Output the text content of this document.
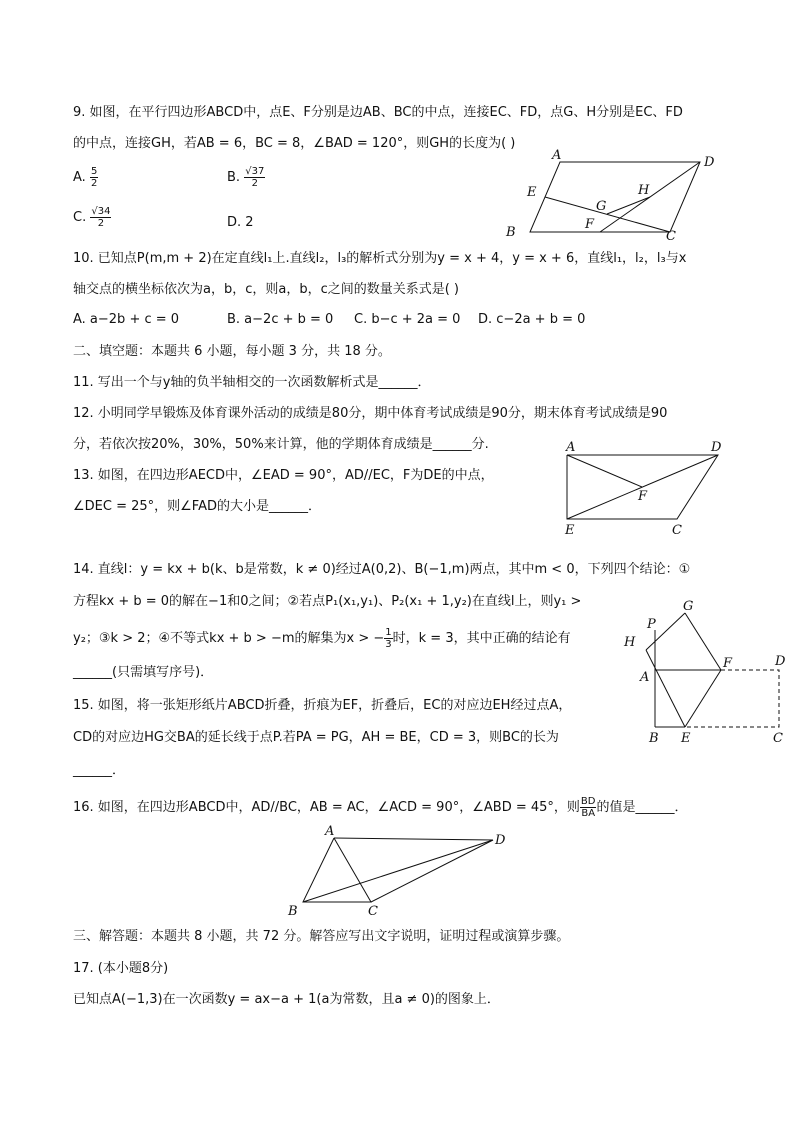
9. 如图，在平行四边形ABCD中，点E、F分别是边AB、BC的中点，连接EC、FD，点G、H分别是EC、FD
的中点，连接GH，若AB = 6，BC = 8，∠BAD = 120°，则GH的长度为( )
A. $\frac{5}{2}$	B. $\frac{√37}{2}$
C. $\frac{√34}{2}$	D. 2
A	D
E	H
G
F
B	C
10. 已知点P(m,m + 2)在定直线l₁上.直线l₂，l₃的解析式分别为y = x + 4，y = x + 6，直线l₁，l₂，l₃与x
轴交点的横坐标依次为a，b，c，则a，b，c之间的数量关系式是( )
A. a−2b + c = 0	B. a−2c + b = 0 C. b−c + 2a = 0 D. c−2a + b = 0
二、填空题：本题共 6 小题，每小题 3 分，共 18 分。
11. 写出一个与y轴的负半轴相交的一次函数解析式是______．
12. 小明同学早锻炼及体育课外活动的成绩是80分，期中体育考试成绩是90分，期末体育考试成绩是90
分，若依次按20%，30%，50%来计算，他的学期体育成绩是______分.
13. 如图，在四边形AECD中，∠EAD = 90°，AD//EC，F为DE的中点，
∠DEC = 25°，则∠FAD的大小是______．
A	D
F
E	C
14. 直线l：y = kx + b(k、b是常数，k ≠ 0)经过A(0,2)、B(−1,m)两点，其中m < 0，下列四个结论：①
方程kx + b = 0的解在−1和0之间；②若点P₁(x₁,y₁)、P₂(x₁ + 1,y₂)在直线l上，则y₁ >
y₂；③k > 2；④不等式kx + b > −m的解集为x > − $\frac{1}{3}$ 时，k = 3，其中正确的结论有
______(只需填写序号)．
15. 如图，将一张矩形纸片ABCD折叠，折痕为EF，折叠后，EC的对应边EH经过点A，
CD的对应边HG交BA的延长线于点P.若PA = PG，AH = BE，CD = 3，则BC的长为
______．
G
P
H
F	D
A
B E	C
16. 如图，在四边形ABCD中，AD//BC，AB = AC，∠ACD = 90°，∠ABD = 45°，则 $\frac{BD}{BA}$ 的值是______．
A
D
B	C
三、解答题：本题共 8 小题，共 72 分。解答应写出文字说明，证明过程或演算步骤。
17. (本小题8分)
已知点A(−1,3)在一次函数y = ax−a + 1(a为常数，且a ≠ 0)的图象上．
